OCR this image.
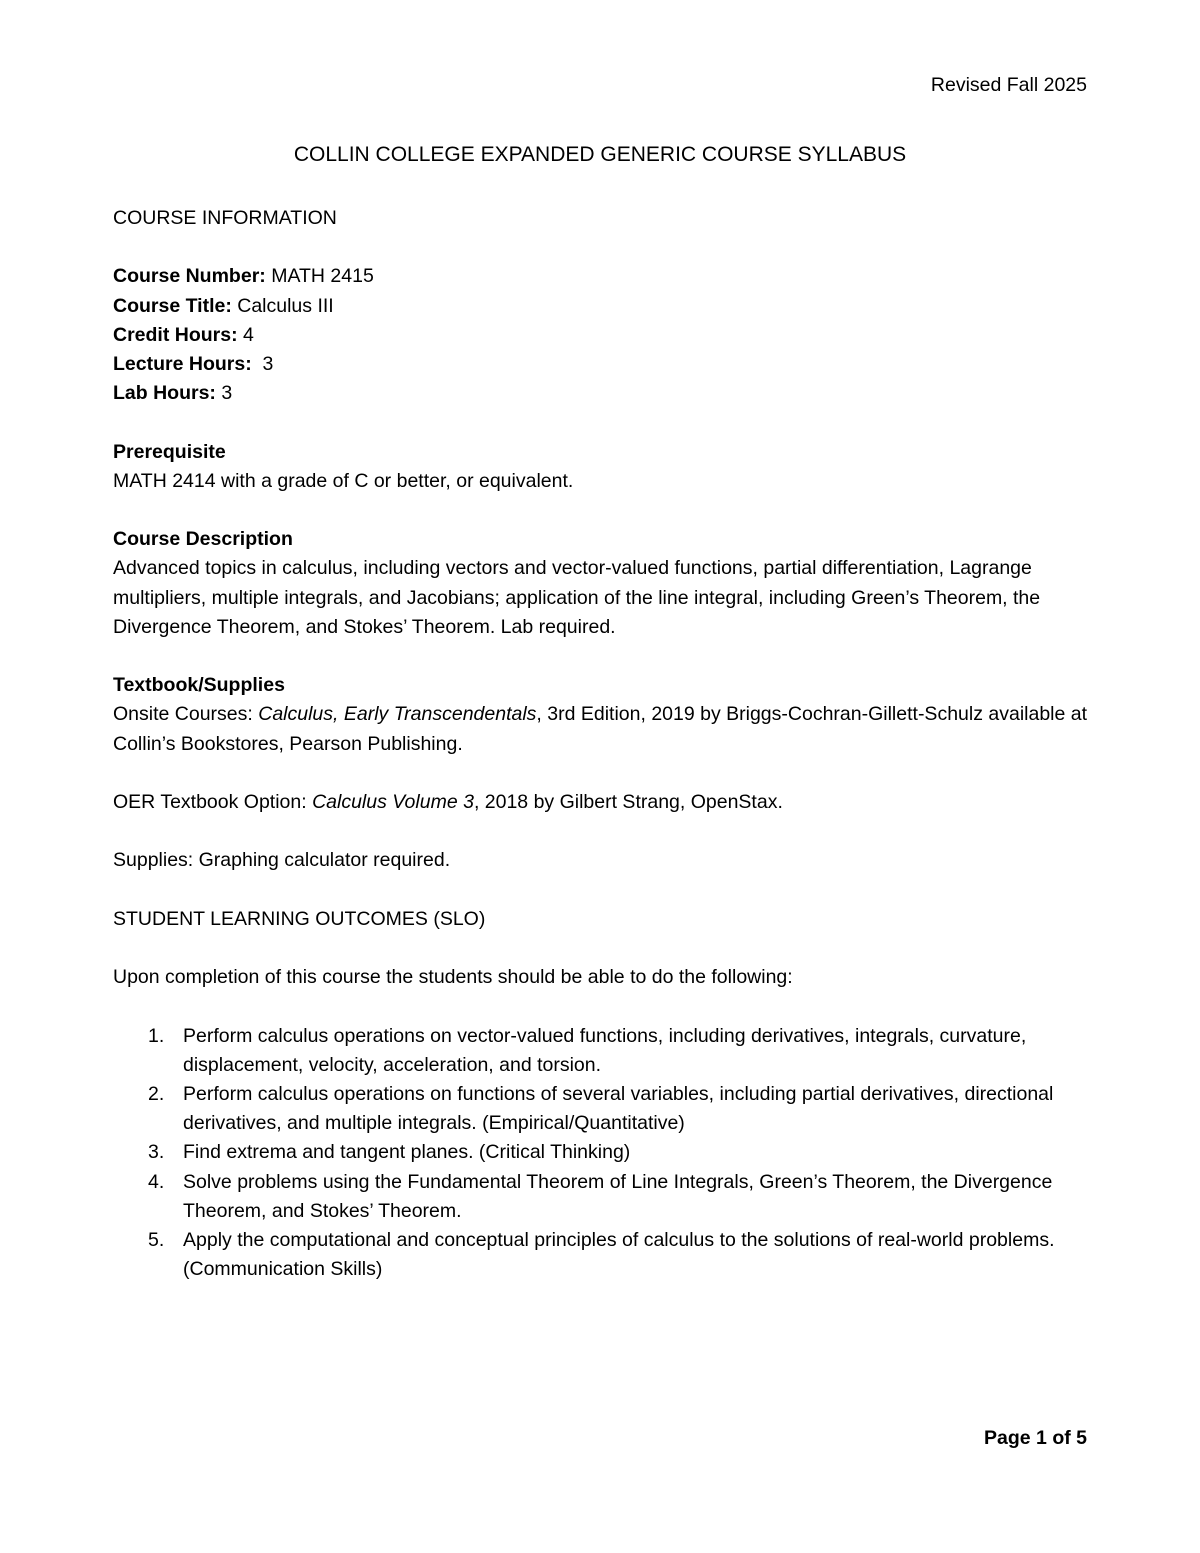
Revised Fall 2025
COLLIN COLLEGE EXPANDED GENERIC COURSE SYLLABUS

COURSE INFORMATION

Course Number: MATH 2415

Course Title: Calculus III

Credit Hours: 4

Lecture Hours:  3

Lab Hours: 3

Prerequisite

MATH 2414 with a grade of C or better, or equivalent.

Course Description

Advanced topics in calculus, including vectors and vector-valued functions, partial differentiation, Lagrange multipliers, multiple integrals, and Jacobians; application of the line integral, including Green’s Theorem, the Divergence Theorem, and Stokes’ Theorem. Lab required.

Textbook/Supplies

Onsite Courses: Calculus, Early Transcendentals, 3rd Edition, 2019 by Briggs-Cochran-Gillett-Schulz available at Collin’s Bookstores, Pearson Publishing.

OER Textbook Option: Calculus Volume 3, 2018 by Gilbert Strang, OpenStax.

Supplies: Graphing calculator required.

STUDENT LEARNING OUTCOMES (SLO)

Upon completion of this course the students should be able to do the following:

1. Perform calculus operations on vector-valued functions, including derivatives, integrals, curvature, displacement, velocity, acceleration, and torsion.
2. Perform calculus operations on functions of several variables, including partial derivatives, directional derivatives, and multiple integrals. (Empirical/Quantitative)
3. Find extrema and tangent planes. (Critical Thinking)
4. Solve problems using the Fundamental Theorem of Line Integrals, Green’s Theorem, the Divergence Theorem, and Stokes’ Theorem.
5. Apply the computational and conceptual principles of calculus to the solutions of real-world problems. (Communication Skills)
Page 1 of 5
